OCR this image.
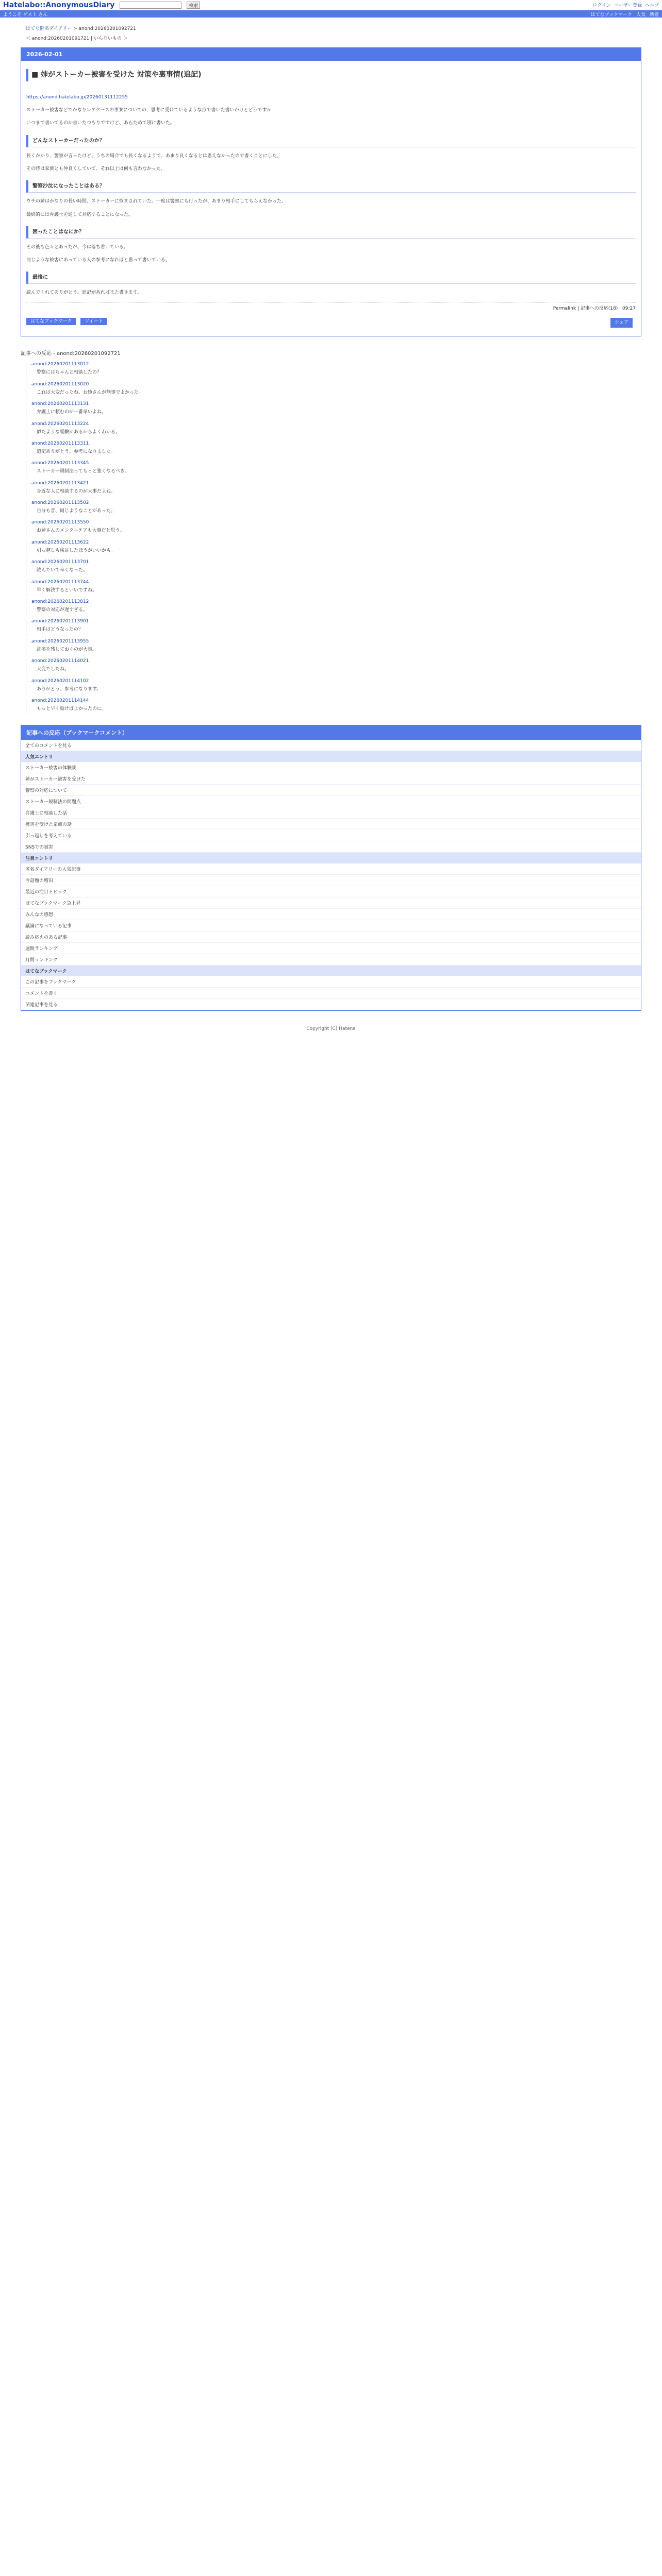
Hatelabo::AnonymousDiary	検索	ログイン ユーザー登録 ヘルプ
ようこそ ゲスト さん	はてなブックマーク 人気 新着
はてな匿名ダイアリー > anond:20260201092721
＜ anond:20260201091721 | いらないもの ＞
2026-02-01
■ 姉がストーカー被害を受けた 対策や裏事情(追記)

https://anond.hatelabo.jp/20260131112255

ストーカー被害などでかなりレアケースの事案についての、思考に受けているような形で書いた書いかけとどうですか

いつまで書いてるのか書いたつもりですけど、あらためて別に書いた。

どんなストーカーだったのか？

長くかかり、警察が言ったけど、うちの場合でも長くなるようで、あまり良くなるとは思えなかったので書くことにした。

その時は家族とも仲良くしていて、それ以上は何も言わなかった。

警察沙汰になったことはある？

ウチの姉はかなりの長い時間、ストーカーに悩まされていた。一度は警察にも行ったが、あまり相手にしてもらえなかった。

最終的には弁護士を通して対応することになった。

困ったことはなにか？

その後も色々とあったが、今は落ち着いている。

同じような被害にあっている人の参考になればと思って書いている。

最後に

読んでくれてありがとう。追記があればまた書きます。

Permalink | 記事への反応(18) | 09:27
はてなブックマーク	ツイート	シェア
記事への反応 - anond:20260201092721
anond:20260201113012
警察にはちゃんと相談したの？
anond:20260201113020
これは大変だったね。お姉さんが無事でよかった。
anond:20260201113131
弁護士に頼むのが一番早いよね。
anond:20260201113224
似たような経験があるからよくわかる。
anond:20260201113311
追記ありがとう。参考になりました。
anond:20260201113345
ストーカー規制法ってもっと強くなるべき。
anond:20260201113421
身近な人に相談するのが大事だよね。
anond:20260201113502
自分も昔、同じようなことがあった。
anond:20260201113550
お姉さんのメンタルケアも大事だと思う。
anond:20260201113622
引っ越しも検討したほうがいいかも。
anond:20260201113701
読んでいて辛くなった。
anond:20260201113744
早く解決するといいですね。
anond:20260201113812
警察の対応が遅すぎる。
anond:20260201113901
相手はどうなったの？
anond:20260201113955
証拠を残しておくのが大事。
anond:20260201114021
大変でしたね。
anond:20260201114102
ありがとう、参考になります。
anond:20260201114144
もっと早く動けばよかったのに。
記事への反応（ブックマークコメント）
全てのコメントを見る
人気エントリ
ストーカー被害の体験談
姉がストーカー被害を受けた
警察の対応について
ストーカー規制法の問題点
弁護士に相談した話
被害を受けた家族の話
引っ越しを考えている
SNSでの被害
注目エントリ
匿名ダイアリーの人気記事
今話題の増田
最近の注目トピック
はてなブックマーク急上昇
みんなの感想
議論になっている記事
読み応えのある記事
週間ランキング
月間ランキング
はてなブックマーク
この記事をブックマーク
コメントを書く
関連記事を見る
Copyright (C) Hatena
